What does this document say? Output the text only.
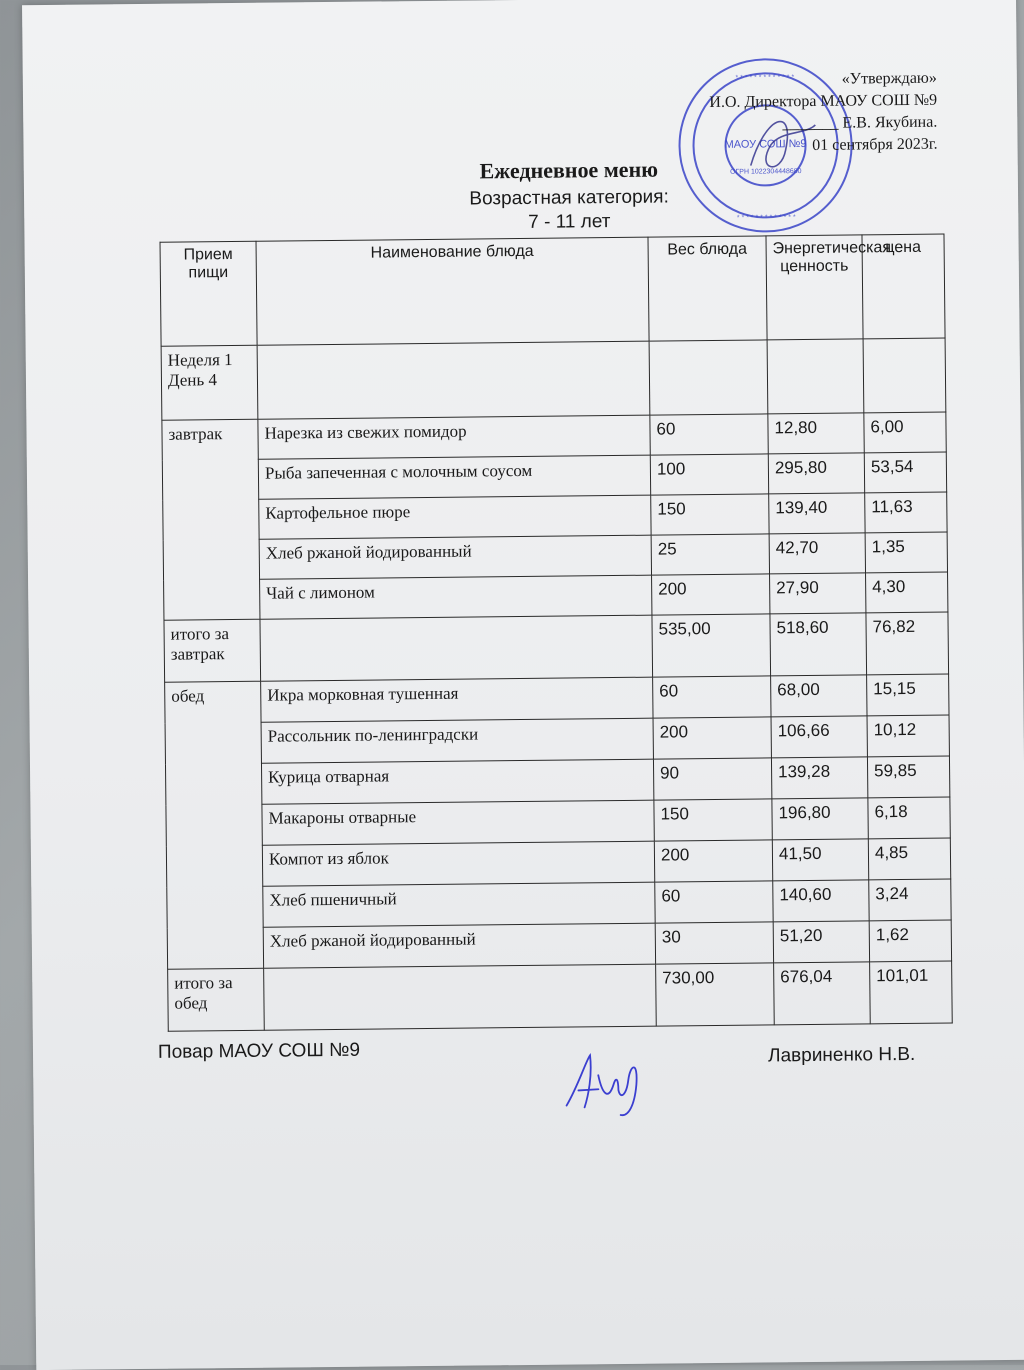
* * * * * * * * * * * * *
* * * * * * * * * * * * *
МАОУ СОШ №9
ОГРН 1022304448680
«Утверждаю»
И.О. Директора МАОУ СОШ №9
_______ Е.В. Якубина.
01 сентября 2023г.
Ежедневное меню
Возрастная категория:
7 - 11 лет
Прием пищи	Наименование блюда	Вес блюда	Энергетическая ценность	цена
Неделя 1 День 4				
завтрак	Нарезка из свежих помидор	60	12,80	6,00
	Рыба запеченная с молочным соусом	100	295,80	53,54
	Картофельное пюре	150	139,40	11,63
	Хлеб ржаной йодированный	25	42,70	1,35
	Чай с лимоном	200	27,90	4,30
итого за завтрак		535,00	518,60	76,82
обед	Икра морковная тушенная	60	68,00	15,15
	Рассольник по-ленинградски	200	106,66	10,12
	Курица отварная	90	139,28	59,85
	Макароны отварные	150	196,80	6,18
	Компот из яблок	200	41,50	4,85
	Хлеб пшеничный	60	140,60	3,24
	Хлеб ржаной йодированный	30	51,20	1,62
итого за обед		730,00	676,04	101,01
Повар МАОУ СОШ №9	Лавриненко Н.В.
